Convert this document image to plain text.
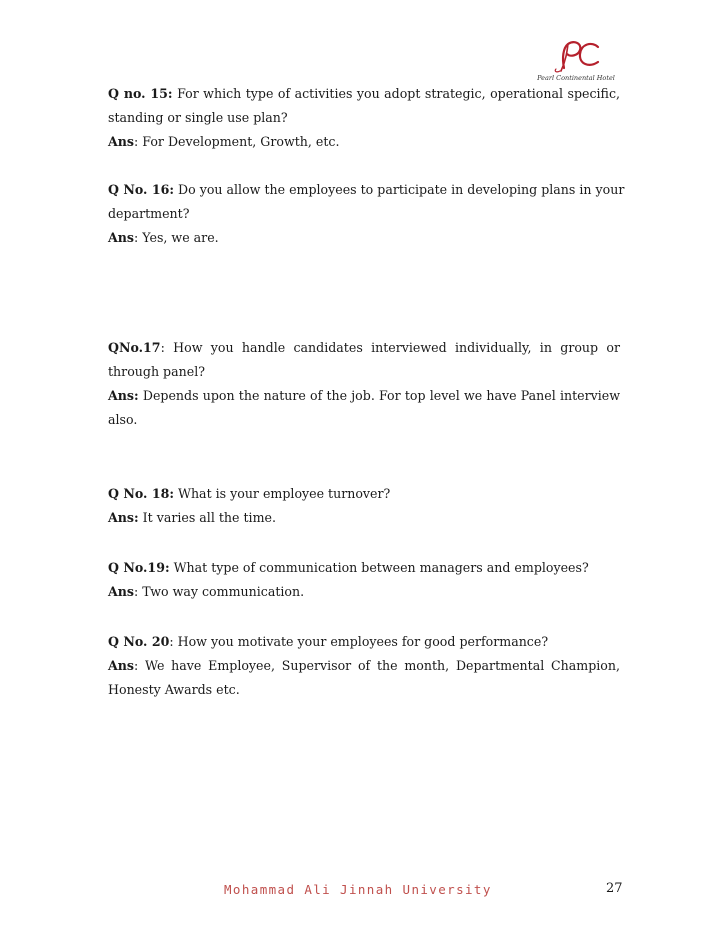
Pearl Continental Hotel
Q no. 15: For which type of activities you adopt strategic, operational specific,
standing or single use plan?
Ans: For Development, Growth, etc.
Q No. 16: Do you allow the employees to participate in developing plans in your
department?
Ans: Yes, we are.
QNo.17: How you handle candidates interviewed individually, in group or
through panel?
Ans: Depends upon the nature of the job. For top level we have Panel interview
also.
Q No. 18: What is your employee turnover?
Ans: It varies all the time.
Q No.19: What type of communication between managers and employees?
Ans: Two way communication.
Q No. 20: How you motivate your employees for good performance?
Ans: We have Employee, Supervisor of the month, Departmental Champion,
Honesty Awards etc.
Mohammad Ali Jinnah University	27
